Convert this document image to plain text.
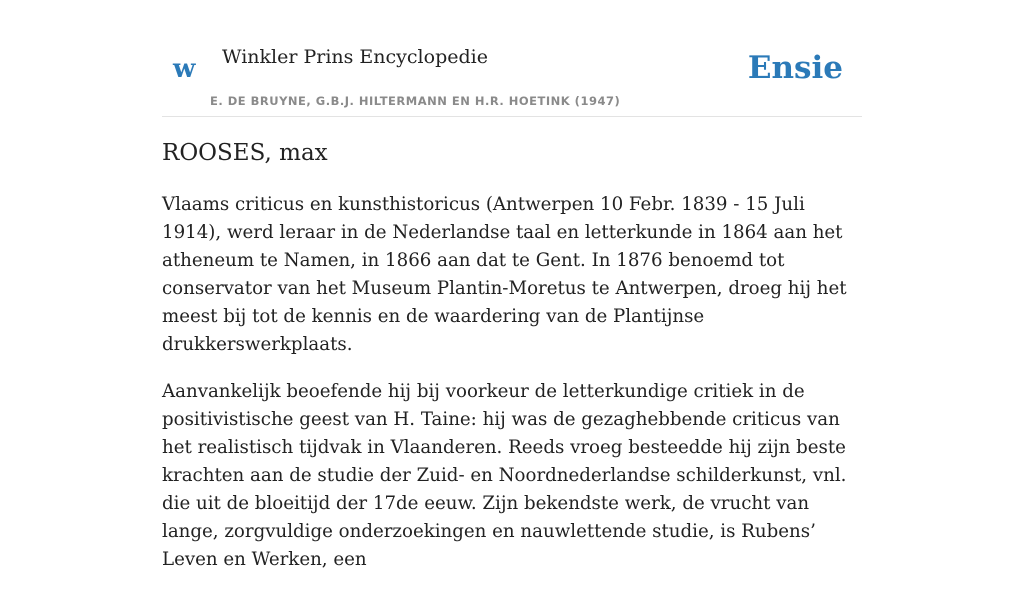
w Winkler Prins Encyclopedie
E. DE BRUYNE, G.B.J. HILTERMANN EN H.R. HOETINK (1947)
Ensie
ROOSES, max

Vlaams criticus en kunsthistoricus (Antwerpen 10 Febr. 1839 - 15 Juli 1914), werd leraar in de Nederlandse taal en letterkunde in 1864 aan het atheneum te Namen, in 1866 aan dat te Gent. In 1876 benoemd tot conservator van het Museum Plantin-Moretus te Antwerpen, droeg hij het meest bij tot de kennis en de waardering van de Plantijnse drukkerswerkplaats.

Aanvankelijk beoefende hij bij voorkeur de letterkundige critiek in de positivistische geest van H. Taine: hij was de gezaghebbende criticus van het realistisch tijdvak in Vlaanderen. Reeds vroeg besteedde hij zijn beste krachten aan de studie der Zuid- en Noordnederlandse schilderkunst, vnl. die uit de bloeitijd der 17de eeuw. Zijn bekendste werk, de vrucht van lange, zorgvuldige onderzoekingen en nauwlettende studie, is Rubens’ Leven en Werken, een
